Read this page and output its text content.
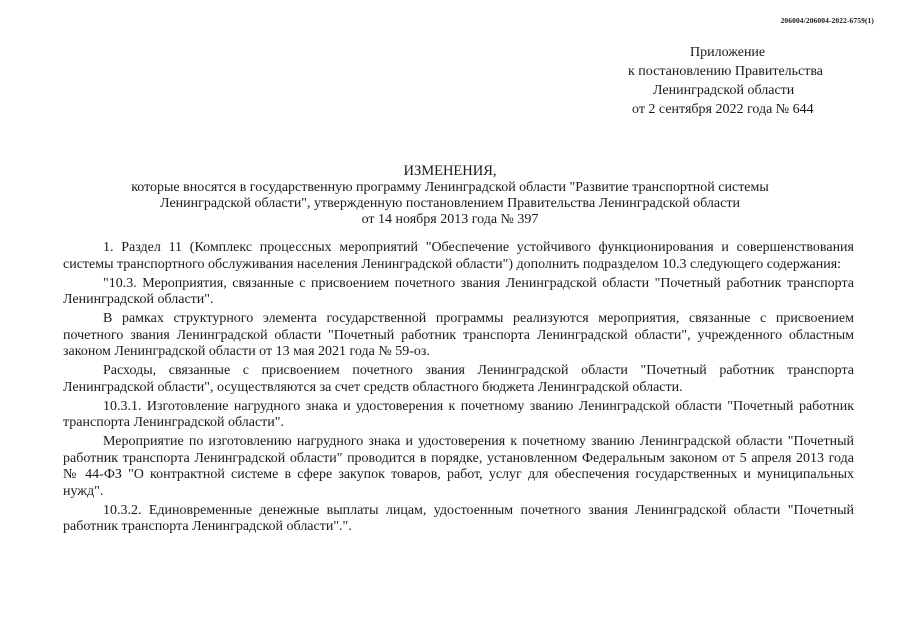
206004/206004-2022-6759(1)
Приложение
к постановлению Правительства
Ленинградской области
от 2 сентября 2022 года № 644
ИЗМЕНЕНИЯ,
которые вносятся в государственную программу Ленинградской области "Развитие транспортной системы
Ленинградской области", утвержденную постановлением Правительства Ленинградской области
от 14 ноября 2013 года № 397

1. Раздел 11 (Комплекс процессных мероприятий "Обеспечение устойчивого функционирования и совершенствования системы транспортного обслуживания населения Ленинградской области") дополнить подразделом 10.3 следующего содержания:

"10.3. Мероприятия, связанные с присвоением почетного звания Ленинградской области "Почетный работник транспорта Ленинградской области".

В рамках структурного элемента государственной программы реализуются мероприятия, связанные с присвоением почетного звания Ленинградской области "Почетный работник транспорта Ленинградской области", учрежденного областным законом Ленинградской области от 13 мая 2021 года № 59-оз.

Расходы, связанные с присвоением почетного звания Ленинградской области "Почетный работник транспорта Ленинградской области", осуществляются за счет средств областного бюджета Ленинградской области.

10.3.1. Изготовление нагрудного знака и удостоверения к почетному званию Ленинградской области "Почетный работник транспорта Ленинградской области".

Мероприятие по изготовлению нагрудного знака и удостоверения к почетному званию Ленинградской области "Почетный работник транспорта Ленинградской области" проводится в порядке, установленном Федеральным законом от 5 апреля 2013 года № 44-ФЗ "О контрактной системе в сфере закупок товаров, работ, услуг для обеспечения государственных и муниципальных нужд".

10.3.2. Единовременные денежные выплаты лицам, удостоенным почетного звания Ленинградской области "Почетный работник транспорта Ленинградской области".".
